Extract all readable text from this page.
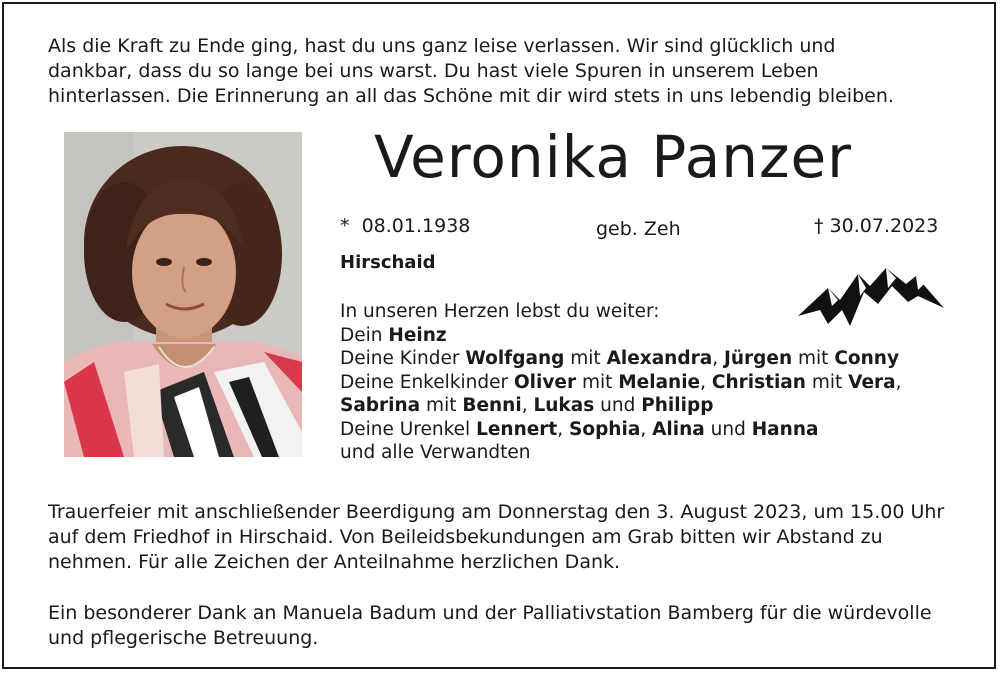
Als die Kraft zu Ende ging, hast du uns ganz leise verlassen. Wir sind glücklich und
dankbar, dass du so lange bei uns warst. Du hast viele Spuren in unserem Leben
hinterlassen. Die Erinnerung an all das Schöne mit dir wird stets in uns lebendig bleiben.
Veronika Panzer
* 08.01.1938	geb. Zeh	† 30.07.2023
Hirschaid
In unseren Herzen lebst du weiter:
Dein Heinz
Deine Kinder Wolfgang mit Alexandra, Jürgen mit Conny
Deine Enkelkinder Oliver mit Melanie, Christian mit Vera,
Sabrina mit Benni, Lukas und Philipp
Deine Urenkel Lennert, Sophia, Alina und Hanna
und alle Verwandten
Trauerfeier mit anschließender Beerdigung am Donnerstag den 3. August 2023, um 15.00 Uhr
auf dem Friedhof in Hirschaid. Von Beileidsbekundungen am Grab bitten wir Abstand zu
nehmen. Für alle Zeichen der Anteilnahme herzlichen Dank.
Ein besonderer Dank an Manuela Badum und der Palliativstation Bamberg für die würdevolle
und pflegerische Betreuung.
